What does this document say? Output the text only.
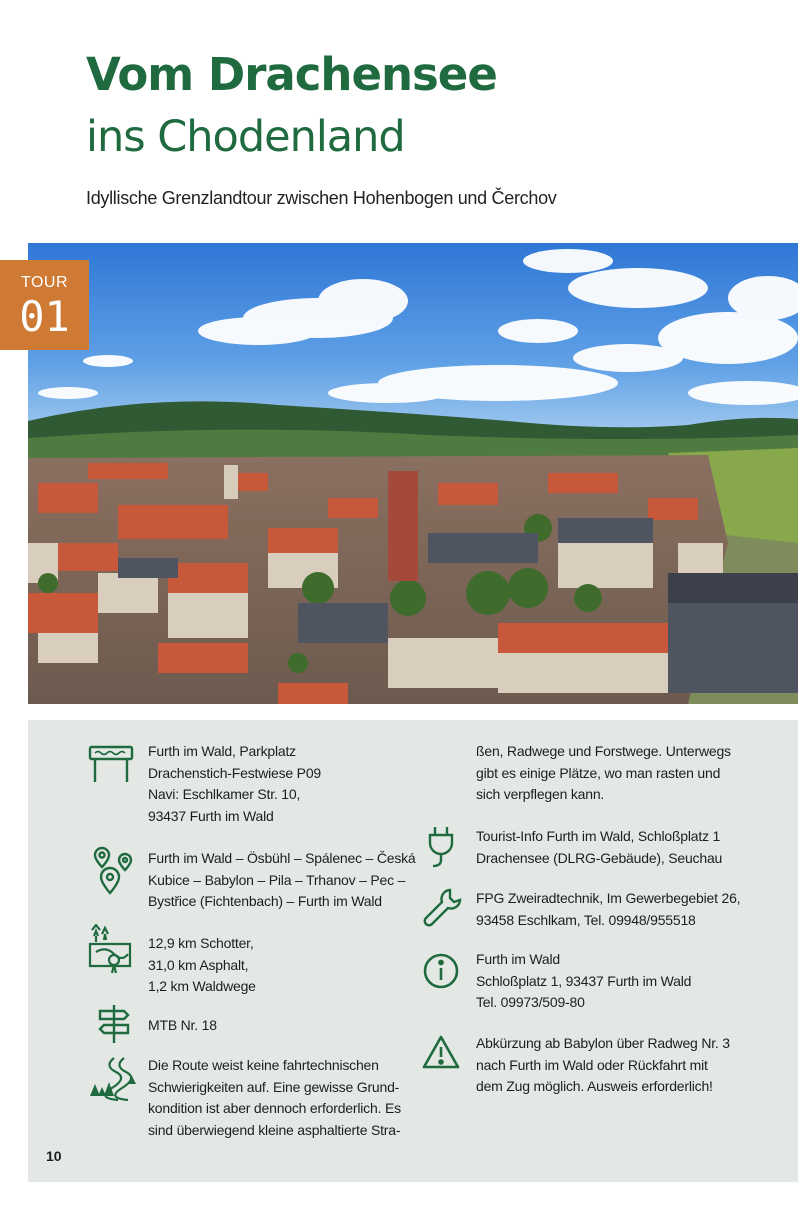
Vom Drachensee
ins Chodenland
Idyllische Grenzlandtour zwischen Hohenbogen und Čerchov
TOUR
01
Furth im Wald, Parkplatz
Drachenstich-Festwiese P09
Navi: Eschlkamer Str. 10,
93437 Furth im Wald
Furth im Wald – Ösbühl – Spálenec – Česká
Kubice – Babylon – Pila – Trhanov – Pec –
Bystřice (Fichtenbach) – Furth im Wald
12,9 km Schotter,
31,0 km Asphalt,
1,2 km Waldwege
MTB Nr. 18
Die Route weist keine fahrtechnischen
Schwierigkeiten auf. Eine gewisse Grund-
kondition ist aber dennoch erforderlich. Es
sind überwiegend kleine asphaltierte Stra-
ßen, Radwege und Forstwege. Unterwegs
gibt es einige Plätze, wo man rasten und
sich verpflegen kann.
Tourist-Info Furth im Wald, Schloßplatz 1
Drachensee (DLRG-Gebäude), Seuchau
FPG Zweiradtechnik, Im Gewerbegebiet 26,
93458 Eschlkam, Tel. 09948/955518
Furth im Wald
Schloßplatz 1, 93437 Furth im Wald
Tel. 09973/509-80
Abkürzung ab Babylon über Radweg Nr. 3
nach Furth im Wald oder Rückfahrt mit
dem Zug möglich. Ausweis erforderlich!
10
